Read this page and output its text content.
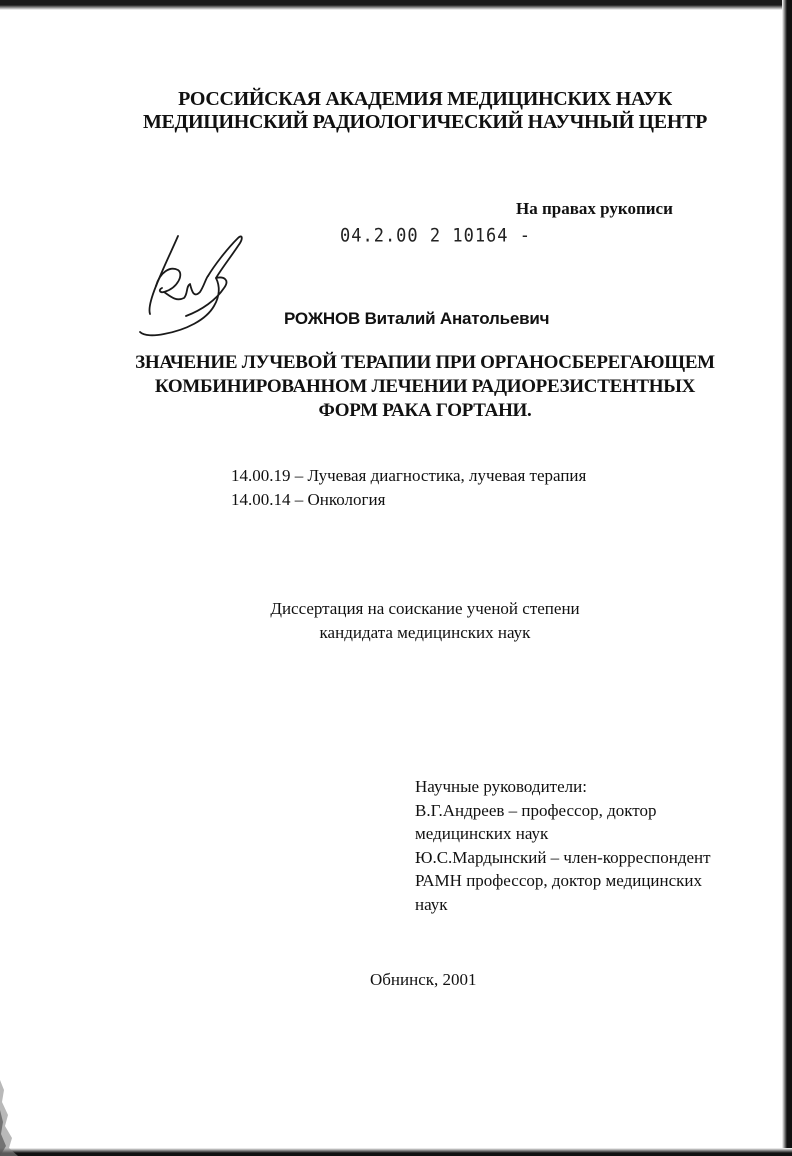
РОССИЙСКАЯ АКАДЕМИЯ МЕДИЦИНСКИХ НАУК
МЕДИЦИНСКИЙ РАДИОЛОГИЧЕСКИЙ НАУЧНЫЙ ЦЕНТР
На правах рукописи
04.2.00 2 10164 -
РОЖНОВ Виталий Анатольевич
ЗНАЧЕНИЕ ЛУЧЕВОЙ ТЕРАПИИ ПРИ ОРГАНОСБЕРЕГАЮЩЕМ
КОМБИНИРОВАННОМ ЛЕЧЕНИИ РАДИОРЕЗИСТЕНТНЫХ
ФОРМ РАКА ГОРТАНИ.
14.00.19 – Лучевая диагностика, лучевая терапия
14.00.14 – Онкология
Диссертация на соискание ученой степени
кандидата медицинских наук
Научные руководители:
В.Г.Андреев – профессор, доктор
медицинских наук
Ю.С.Мардынский – член-корреспондент
РАМН профессор, доктор медицинских
наук
Обнинск, 2001
